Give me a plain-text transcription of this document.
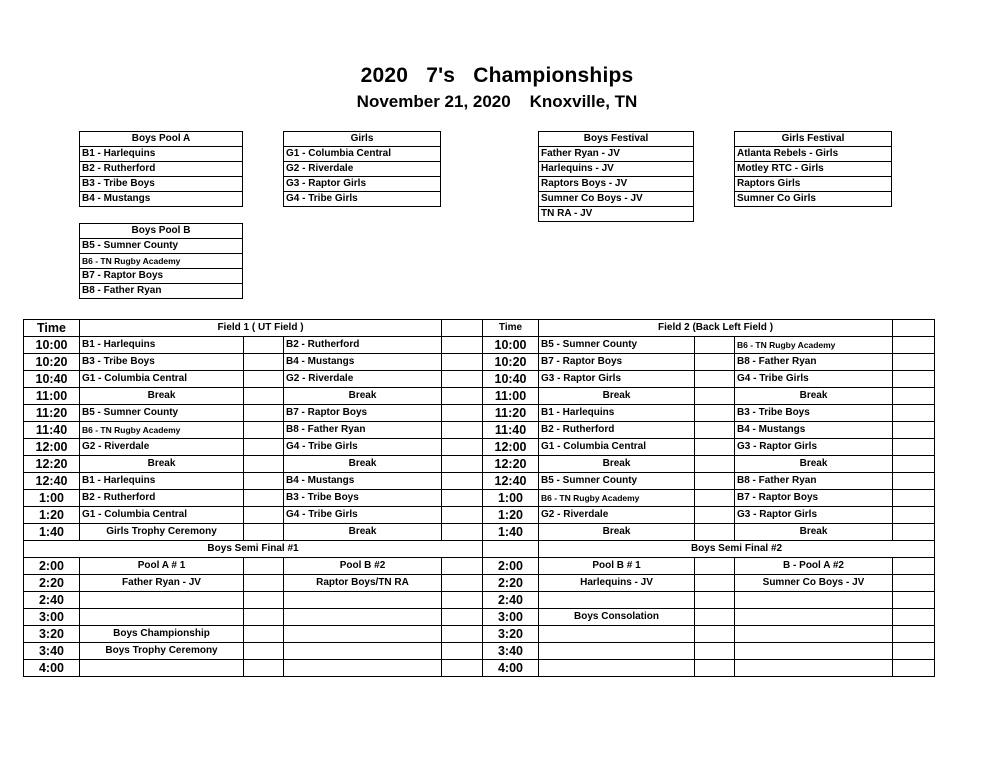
2020 7's   Championships
November 21, 2020 Knoxville, TN
Boys Pool A
B1 - Harlequins
B2 - Rutherford
B3 - Tribe Boys
B4 - Mustangs
Girls
G1 - Columbia Central
G2 - Riverdale
G3 - Raptor Girls
G4 - Tribe Girls
Boys Festival
Father Ryan - JV
Harlequins - JV
Raptors Boys - JV
Sumner Co Boys - JV
TN RA - JV
Girls Festival
Atlanta Rebels - Girls
Motley RTC - Girls
Raptors Girls
Sumner Co Girls
Boys Pool B
B5 - Sumner County
B6 - TN Rugby Academy
B7 - Raptor Boys
B8 - Father Ryan
Time	Field 1 ( UT Field )				Time	Field 2 (Back Left Field )			
10:00	B1 - Harlequins		B2 - Rutherford		10:00	B5 - Sumner County		B6 - TN Rugby Academy	
10:20	B3 - Tribe Boys		B4 - Mustangs		10:20	B7 - Raptor Boys		B8 - Father Ryan	
10:40	G1 - Columbia Central		G2 - Riverdale		10:40	G3 - Raptor Girls		G4 - Tribe Girls	
11:00	Break		Break		11:00	Break		Break	
11:20	B5 - Sumner County		B7 - Raptor Boys		11:20	B1 - Harlequins		B3 - Tribe Boys	
11:40	B6 - TN Rugby Academy		B8 - Father Ryan		11:40	B2 - Rutherford		B4 - Mustangs	
12:00	G2 - Riverdale		G4 - Tribe Girls		12:00	G1 - Columbia Central		G3 - Raptor Girls	
12:20	Break		Break		12:20	Break		Break	
12:40	B1 - Harlequins		B4 - Mustangs		12:40	B5 - Sumner County		B8 - Father Ryan	
1:00	B2 - Rutherford		B3 - Tribe Boys		1:00	B6 - TN Rugby Academy		B7 - Raptor Boys	
1:20	G1 - Columbia Central		G4 - Tribe Girls		1:20	G2 - Riverdale		G3 - Raptor Girls	
1:40	Girls Trophy Ceremony		Break		1:40	Break		Break	
Boys Semi Final #1						Boys Semi Final #2			
2:00	Pool A # 1		Pool B #2		2:00	Pool B # 1		B - Pool A #2	
2:20	Father Ryan - JV		Raptor Boys/TN RA		2:20	Harlequins - JV		Sumner Co Boys - JV	
2:40					2:40				
3:00					3:00	Boys Consolation			
3:20	Boys Championship				3:20				
3:40	Boys Trophy Ceremony				3:40				
4:00					4:00				
